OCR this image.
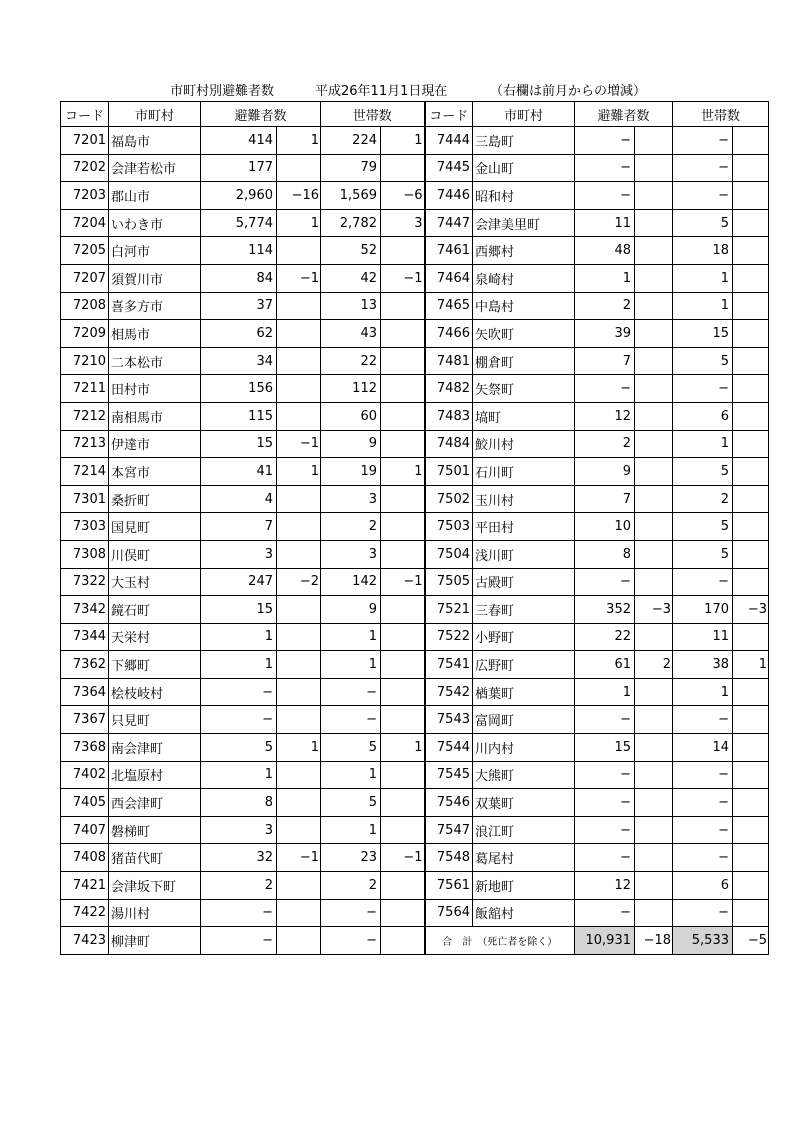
市町村別避難者数	平成26年11月1日現在	（右欄は前月からの増減）
コード	市町村	避難者数		世帯数		コード	市町村	避難者数		世帯数	
7201	福島市	414	1	224	1	7444	三島町	−		−	
7202	会津若松市	177		79		7445	金山町	−		−	
7203	郡山市	2,960	−16	1,569	−6	7446	昭和村	−		−	
7204	いわき市	5,774	1	2,782	3	7447	会津美里町	11		5	
7205	白河市	114		52		7461	西郷村	48		18	
7207	須賀川市	84	−1	42	−1	7464	泉崎村	1		1	
7208	喜多方市	37		13		7465	中島村	2		1	
7209	相馬市	62		43		7466	矢吹町	39		15	
7210	二本松市	34		22		7481	棚倉町	7		5	
7211	田村市	156		112		7482	矢祭町	−		−	
7212	南相馬市	115		60		7483	塙町	12		6	
7213	伊達市	15	−1	9		7484	鮫川村	2		1	
7214	本宮市	41	1	19	1	7501	石川町	9		5	
7301	桑折町	4		3		7502	玉川村	7		2	
7303	国見町	7		2		7503	平田村	10		5	
7308	川俣町	3		3		7504	浅川町	8		5	
7322	大玉村	247	−2	142	−1	7505	古殿町	−		−	
7342	鏡石町	15		9		7521	三春町	352	−3	170	−3
7344	天栄村	1		1		7522	小野町	22		11	
7362	下郷町	1		1		7541	広野町	61	2	38	1
7364	桧枝岐村	−		−		7542	楢葉町	1		1	
7367	只見町	−		−		7543	富岡町	−		−	
7368	南会津町	5	1	5	1	7544	川内村	15		14	
7402	北塩原村	1		1		7545	大熊町	−		−	
7405	西会津町	8		5		7546	双葉町	−		−	
7407	磐梯町	3		1		7547	浪江町	−		−	
7408	猪苗代町	32	−1	23	−1	7548	葛尾村	−		−	
7421	会津坂下町	2		2		7561	新地町	12		6	
7422	湯川村	−		−		7564	飯舘村	−		−	
7423	柳津町	−		−		合　計　（死亡者を除く）		10,931	−18	5,533	−5
